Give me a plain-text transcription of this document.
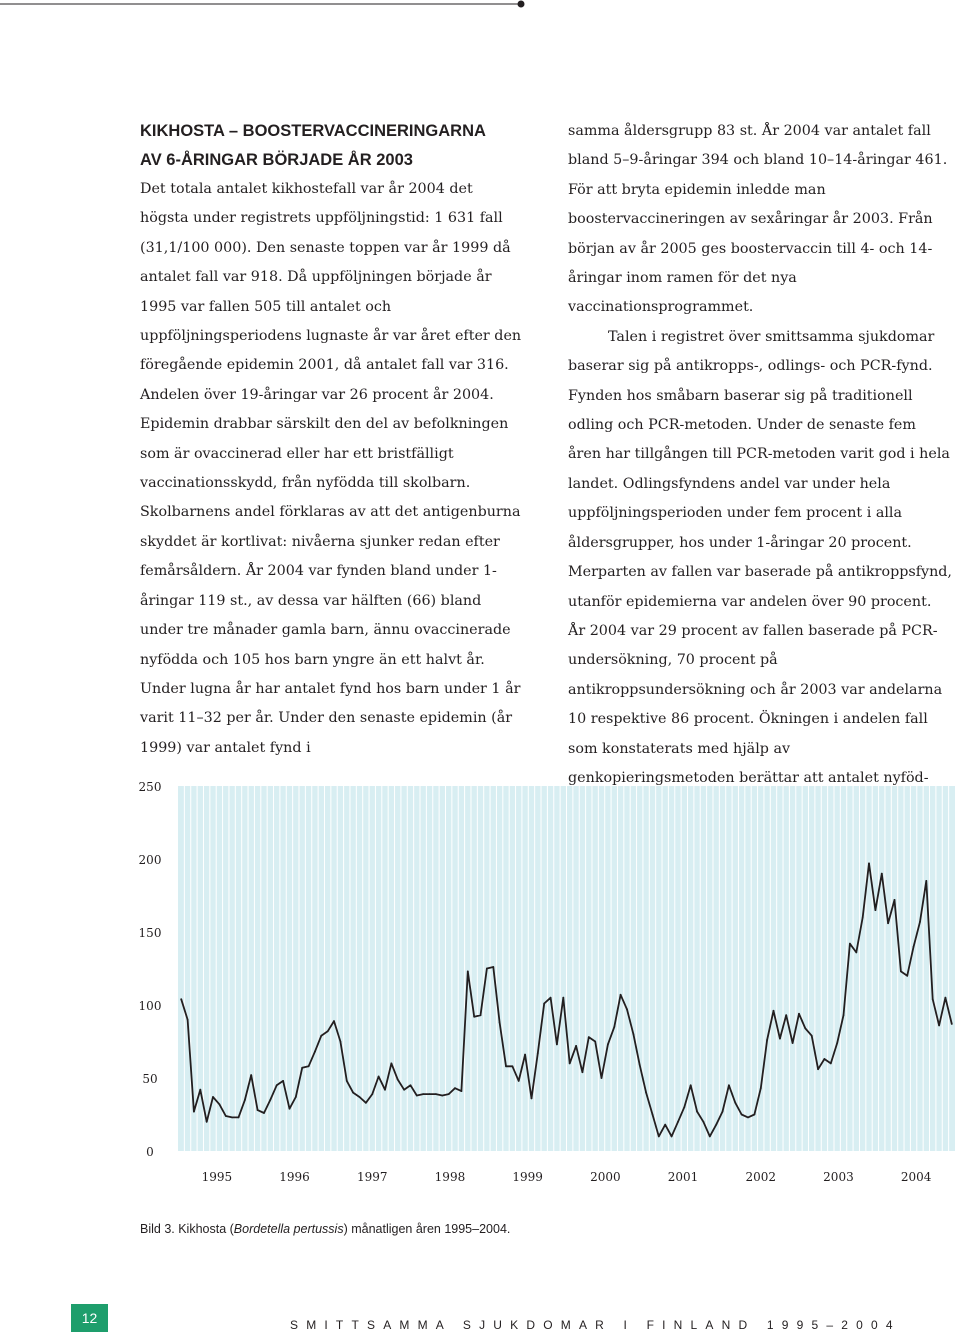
KIKHOSTA – BOOSTERVACCINERINGARNA
AV 6-ÅRINGAR BÖRJADE ÅR 2003

Det totala antalet kikhostefall var år 2004 det högsta under registrets uppföljningstid: 1 631 fall (31,1/100 000). Den senaste toppen var år 1999 då antalet fall var 918. Då uppföljningen började år 1995 var fallen 505 till antalet och uppföljningsperiodens lugnaste år var året efter den föregående epidemin 2001, då antalet fall var 316. Andelen över 19-åringar var 26 procent år 2004. Epidemin drabbar särskilt den del av befolkningen som är ovaccinerad eller har ett bristfälligt vaccinationsskydd, från nyfödda till skolbarn. Skolbarnens andel förklaras av att det antigenburna skyddet är kortlivat: nivåerna sjunker redan efter femårsåldern. År 2004 var fynden bland under 1-åringar 119 st., av dessa var hälften (66) bland under tre månader gamla barn, ännu ovaccinerade nyfödda och 105 hos barn yngre än ett halvt år. Under lugna år har antalet fynd hos barn under 1 år varit 11–32 per år. Under den senaste epidemin (år 1999) var antalet fynd i

samma åldersgrupp 83 st. År 2004 var antalet fall bland 5–9-åringar 394 och bland 10–14-åringar 461. För att bryta epidemin inledde man boostervaccineringen av sexåringar år 2003. Från början av år 2005 ges boostervaccin till 4- och 14-åringar inom ramen för det nya vaccinationsprogrammet.

Talen i registret över smittsamma sjukdomar baserar sig på antikropps-, odlings- och PCR-fynd. Fynden hos småbarn baserar sig på traditionell odling och PCR-metoden. Under de senaste fem åren har tillgången till PCR-metoden varit god i hela landet. Odlingsfyndens andel var under hela uppföljningsperioden under fem procent i alla åldersgrupper, hos under 1-åringar 20 procent. Merparten av fallen var baserade på antikroppsfynd, utanför epidemierna var andelen över 90 procent. År 2004 var 29 procent av fallen baserade på PCR-undersökning, 70 procent på antikroppsundersökning och år 2003 var andelarna 10 respektive 86 procent. Ökningen i andelen fall som konstaterats med hjälp av genkopieringsmetoden berättar att antalet nyföd-

0
50
100
150
200
250
1995	1996	1997	1998	1999	2000	2001	2002	2003	2004
Bild 3. Kikhosta (Bordetella pertussis) månatligen åren 1995–2004.
12	SMITTSAMMA SJUKDOMAR I FINLAND 1995–2004
